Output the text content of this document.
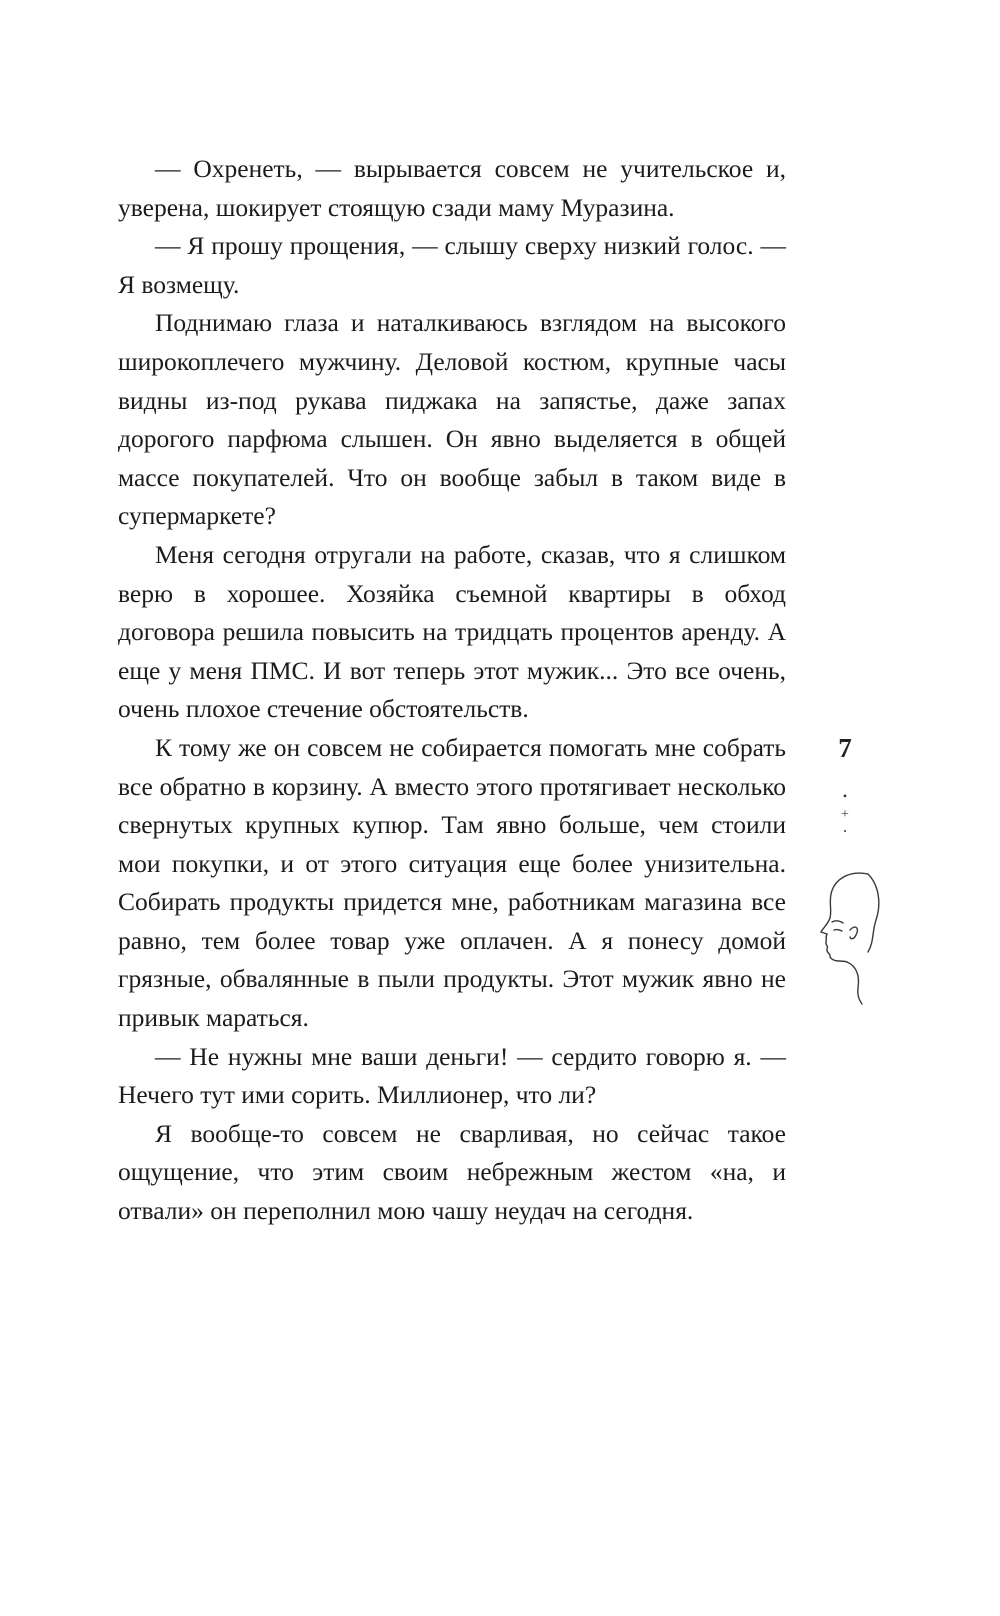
— Охренеть, — вырывается совсем не учительское и, уверена, шокирует стоящую сзади маму Муразина.

— Я прошу прощения, — слышу сверху низкий голос. — Я возмещу.

Поднимаю глаза и наталкиваюсь взглядом на высокого широкоплечего мужчину. Деловой костюм, крупные часы видны из-под рукава пиджака на запястье, даже запах дорогого парфюма слышен. Он явно выделяется в общей массе покупателей. Что он вообще забыл в таком виде в супермаркете?

Меня сегодня отругали на работе, сказав, что я слишком верю в хорошее. Хозяйка съемной квартиры в обход договора решила повысить на тридцать процентов аренду. А еще у меня ПМС. И вот теперь этот мужик... Это все очень, очень плохое стечение обстоятельств.

К тому же он совсем не собирается помогать мне собрать все обратно в корзину. А вместо этого протягивает несколько свернутых крупных купюр. Там явно больше, чем стоили мои покупки, и от этого ситуация еще более унизительна. Собирать продукты придется мне, работникам магазина все равно, тем более товар уже оплачен. А я понесу домой грязные, обвалянные в пыли продукты. Этот мужик явно не привык мараться.

— Не нужны мне ваши деньги! — сердито говорю я. — Нечего тут ими сорить. Миллионер, что ли?

Я вообще-то совсем не сварливая, но сейчас такое ощущение, что этим своим небрежным жестом «на, и отвали» он переполнил мою чашу неудач на сегодня.

7
•
+
•
